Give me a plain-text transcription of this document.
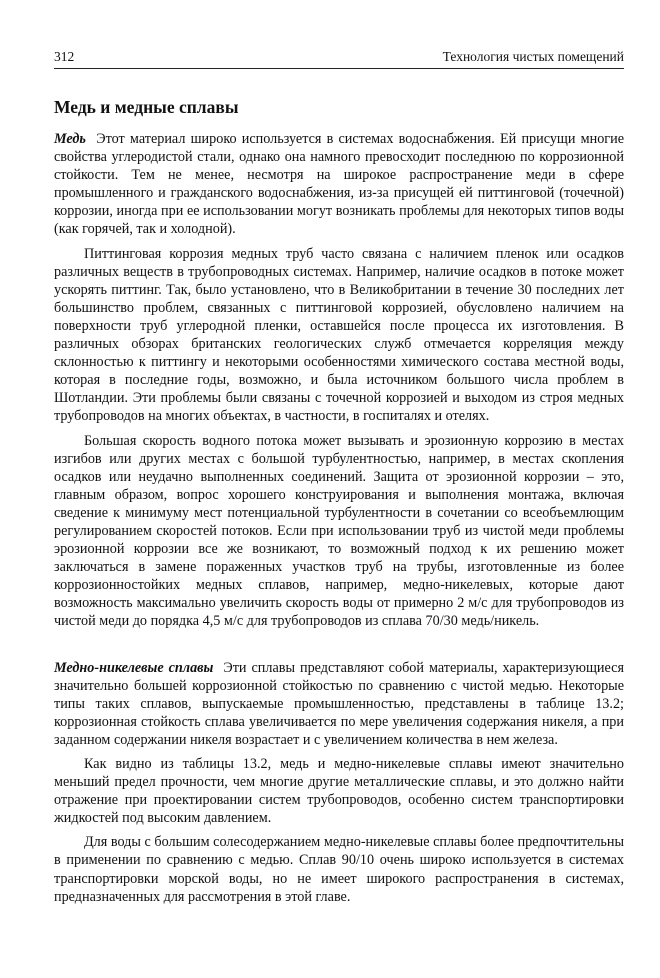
312	Технология чистых помещений
Медь и медные сплавы

Медь Этот материал широко используется в системах водоснабжения. Ей присущи многие свойства углеродистой стали, однако она намного превосходит последнюю по коррозионной стойкости. Тем не менее, несмотря на широкое распространение меди в сфере промышленного и гражданского водоснабжения, из-за присущей ей питтинговой (точечной) коррозии, иногда при ее использовании могут возникать проблемы для некоторых типов воды (как горячей, так и холодной).

Питтинговая коррозия медных труб часто связана с наличием пленок или осадков различных веществ в трубопроводных системах. Например, наличие осадков в потоке может ускорять питтинг. Так, было установлено, что в Великобритании в течение 30 последних лет большинство проблем, связанных с питтинговой коррозией, обусловлено наличием на поверхности труб углеродной пленки, оставшейся после процесса их изготовления. В различных обзорах британских геологических служб отмечается корреляция между склонностью к питтингу и некоторыми особенностями химического состава местной воды, которая в последние годы, возможно, и была источником большого числа проблем в Шотландии. Эти проблемы были связаны с точечной коррозией и выходом из строя медных трубопроводов на многих объектах, в частности, в госпиталях и отелях.

Большая скорость водного потока может вызывать и эрозионную коррозию в местах изгибов или других местах с большой турбулентностью, например, в местах скопления осадков или неудачно выполненных соединений. Защита от эрозионной коррозии – это, главным образом, вопрос хорошего конструирования и выполнения монтажа, включая сведение к минимуму мест потенциальной турбулентности в сочетании со всеобъемлющим регулированием скоростей потоков. Если при использовании труб из чистой меди проблемы эрозионной коррозии все же возникают, то возможный подход к их решению может заключаться в замене пораженных участков труб на трубы, изготовленные из более коррозионностойких медных сплавов, например, медно-никелевых, которые дают возможность максимально увеличить скорость воды от примерно 2 м/с для трубопроводов из чистой меди до порядка 4,5 м/с для трубопроводов из сплава 70/30 медь/никель.

Медно-никелевые сплавы Эти сплавы представляют собой материалы, характеризующиеся значительно большей коррозионной стойкостью по сравнению с чистой медью. Некоторые типы таких сплавов, выпускаемые промышленностью, представлены в таблице 13.2; коррозионная стойкость сплава увеличивается по мере увеличения содержания никеля, а при заданном содержании никеля возрастает и с увеличением количества в нем железа.

Как видно из таблицы 13.2, медь и медно-никелевые сплавы имеют значительно меньший предел прочности, чем многие другие металлические сплавы, и это должно найти отражение при проектировании систем трубопроводов, особенно систем транспортировки жидкостей под высоким давлением.

Для воды с большим солесодержанием медно-никелевые сплавы более предпочтительны в применении по сравнению с медью. Сплав 90/10 очень широко используется в системах транспортировки морской воды, но не имеет широкого распространения в системах, предназначенных для рассмотрения в этой главе.
